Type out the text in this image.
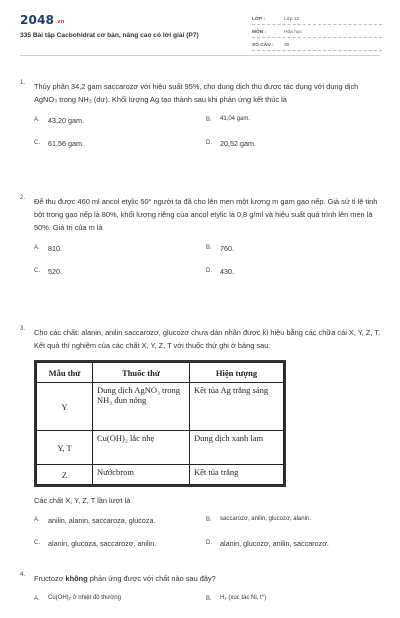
2048.vn
335 Bài tập Cacbohidrat cơ bản, nâng cao có lời giải (P7)
LỚP :	Lớp 12
MÔN :	Hóa học
SỐ CÂU :	30
1. Thủy phân 34,2 gam saccarozơ với hiệu suất 95%, cho dung dịch thu được tác dụng với dung dịch AgNO₃ trong NH₃ (dư). Khối lượng Ag tạo thành sau khi phản ứng kết thúc là
A.	43,20 gam.	B.	41,04 gam.
C.	61,56 gam.	D.	20,52 gam.
2. Để thu được 460 ml ancol etylic 50° người ta đã cho lên men một lượng m gam gạo nếp. Giả sử tỉ lệ tinh bột trong gạo nếp là 80%, khối lượng riêng của ancol etylic là 0,8 g/ml và hiệu suất quá trình lên men là 50%. Giá trị của m là
A.	810.	B.	760.
C.	520.	D.	430.
3. Cho các chất: alanin, anilin saccarozơ, glucozơ chưa dán nhãn được kí hiệu bằng các chữa cái X, Y, Z, T. Kết quả thí nghiệm của các chất X, Y, Z, T với thuốc thử ghi ở bảng sau:
Mẫu thử	Thuốc thử	Hiện tượng
Y	Dung dịch AgNO₃ trong NH₃ đun nóng	Kết tủa Ag trắng sáng
Y, T	Cu(OH)₂ lắc nhẹ	Dung dịch xanh lam
Z	Nướcbrom	Kết tủa trắng
Các chất X, Y, Z, T lần lượt là
A.	anilin, alanin, saccaroza, glucoza.	B.	saccarozơ, anilin, glucozơ, alanin.
C.	alanin, glucoza, saccarozơ, anilin.	D.	alanin, glucozơ, anilin, saccarozơ.
4. Fructozơ không phản ứng được với chất nào sau đây?
A.	Cu(OH)₂ ở nhiệt độ thường	B.	H₂ (xúc tác Ni, t°)
